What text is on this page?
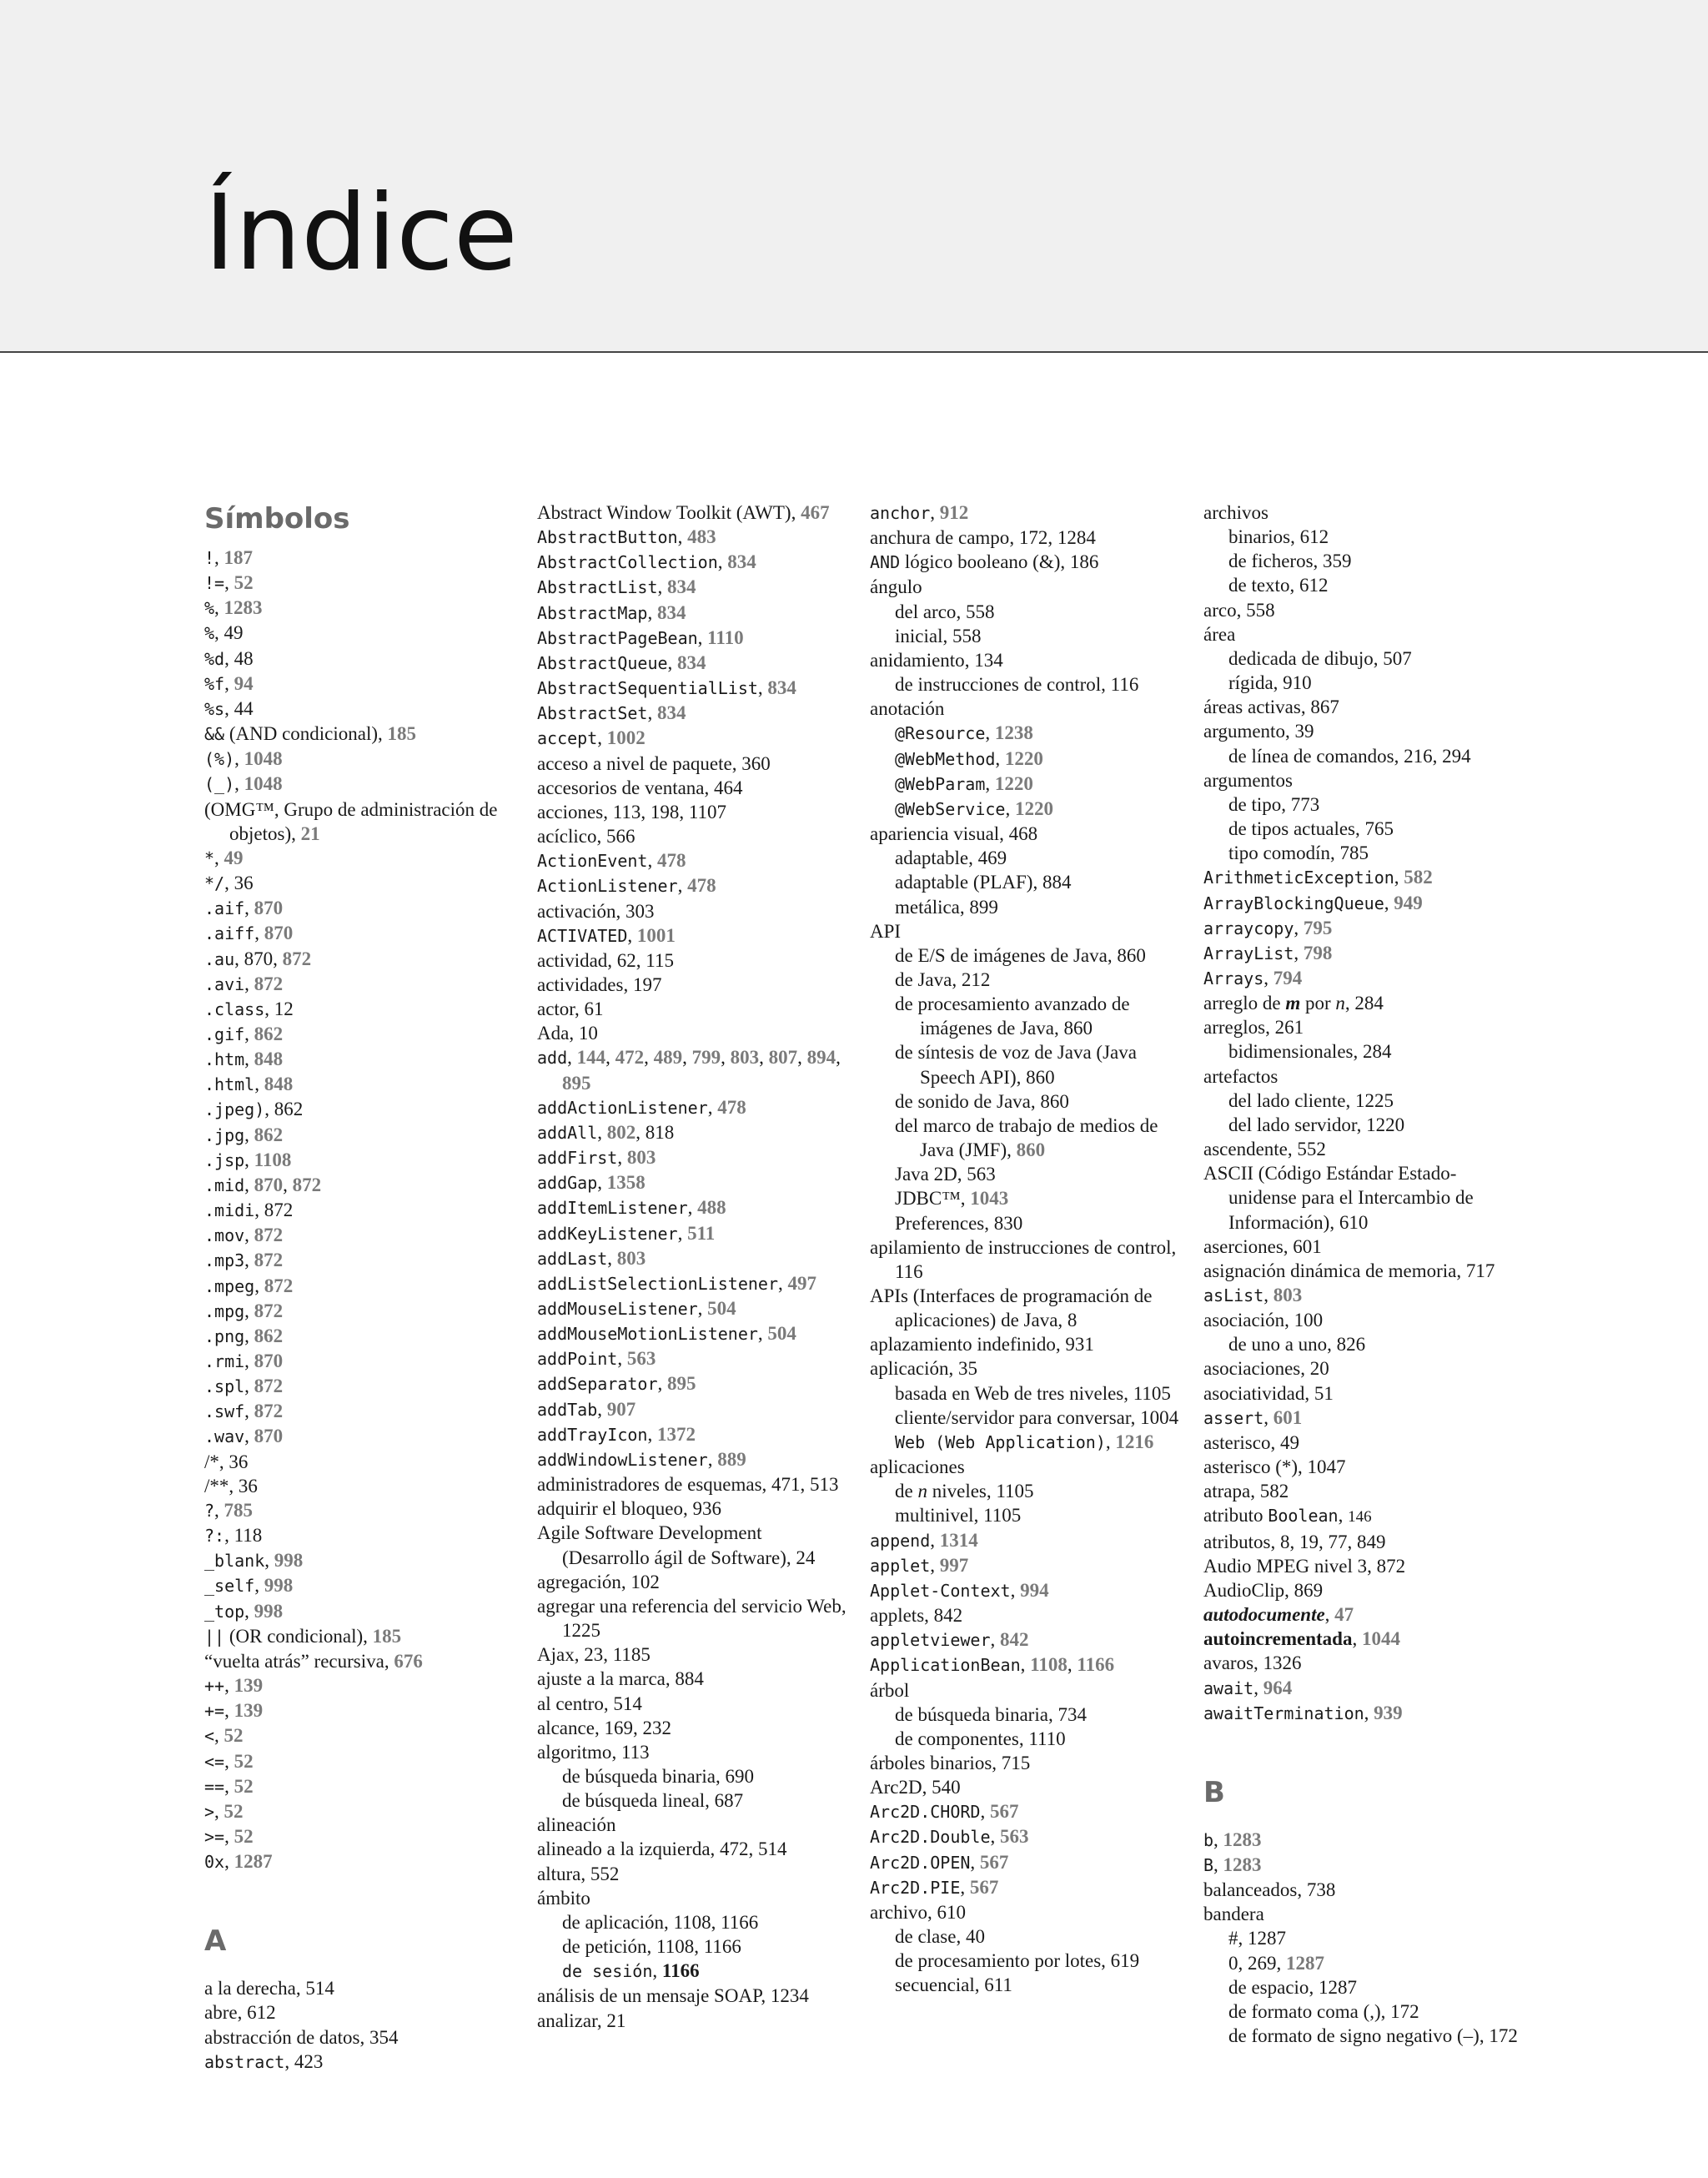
Índice
Símbolos
!, 187
!=, 52
%, 1283
%, 49
%d, 48
%f, 94
%s, 44
&& (AND condicional), 185
(%), 1048
(_), 1048
(OMG™, Grupo de administración de objetos), 21
*, 49
*/, 36
.aif, 870
.aiff, 870
.au, 870, 872
.avi, 872
.class, 12
.gif, 862
.htm, 848
.html, 848
.jpeg), 862
.jpg, 862
.jsp, 1108
.mid, 870, 872
.midi, 872
.mov, 872
.mp3, 872
.mpeg, 872
.mpg, 872
.png, 862
.rmi, 870
.spl, 872
.swf, 872
.wav, 870
/*, 36
/**, 36
?, 785
?:, 118
_blank, 998
_self, 998
_top, 998
|| (OR condicional), 185
“vuelta atrás” recursiva, 676
++, 139
+=, 139
<, 52
<=, 52
==, 52
>, 52
>=, 52
0x, 1287
A
a la derecha, 514
abre, 612
abstracción de datos, 354
abstract, 423
Abstract Window Toolkit (AWT), 467
AbstractButton, 483
AbstractCollection, 834
AbstractList, 834
AbstractMap, 834
AbstractPageBean, 1110
AbstractQueue, 834
AbstractSequentialList, 834
AbstractSet, 834
accept, 1002
acceso a nivel de paquete, 360
accesorios de ventana, 464
acciones, 113, 198, 1107
acíclico, 566
ActionEvent, 478
ActionListener, 478
activación, 303
ACTIVATED, 1001
actividad, 62, 115
actividades, 197
actor, 61
Ada, 10
add, 144, 472, 489, 799, 803, 807, 894, 895
addActionListener, 478
addAll, 802, 818
addFirst, 803
addGap, 1358
addItemListener, 488
addKeyListener, 511
addLast, 803
addListSelectionListener, 497
addMouseListener, 504
addMouseMotionListener, 504
addPoint, 563
addSeparator, 895
addTab, 907
addTrayIcon, 1372
addWindowListener, 889
administradores de esquemas, 471, 513
adquirir el bloqueo, 936
Agile Software Development (Desarrollo ágil de Software), 24
agregación, 102
agregar una referencia del servicio Web, 1225
Ajax, 23, 1185
ajuste a la marca, 884
al centro, 514
alcance, 169, 232
algoritmo, 113
de búsqueda binaria, 690
de búsqueda lineal, 687
alineación
alineado a la izquierda, 472, 514
altura, 552
ámbito
de aplicación, 1108, 1166
de petición, 1108, 1166
de sesión, 1166
análisis de un mensaje SOAP, 1234
analizar, 21
anchor, 912
anchura de campo, 172, 1284
AND lógico booleano (&), 186
ángulo
del arco, 558
inicial, 558
anidamiento, 134
de instrucciones de control, 116
anotación
@Resource, 1238
@WebMethod, 1220
@WebParam, 1220
@WebService, 1220
apariencia visual, 468
adaptable, 469
adaptable (PLAF), 884
metálica, 899
API
de E/S de imágenes de Java, 860
de Java, 212
de procesamiento avanzado de imágenes de Java, 860
de síntesis de voz de Java (Java Speech API), 860
de sonido de Java, 860
del marco de trabajo de medios de Java (JMF), 860
Java 2D, 563
JDBC™, 1043
Preferences, 830
apilamiento de instrucciones de control, 116
APIs (Interfaces de programación de aplicaciones) de Java, 8
aplazamiento indefinido, 931
aplicación, 35
basada en Web de tres niveles, 1105
cliente/servidor para conversar, 1004
Web (Web Application), 1216
aplicaciones
de n niveles, 1105
multinivel, 1105
append, 1314
applet, 997
Applet-Context, 994
applets, 842
appletviewer, 842
ApplicationBean, 1108, 1166
árbol
de búsqueda binaria, 734
de componentes, 1110
árboles binarios, 715
Arc2D, 540
Arc2D.CHORD, 567
Arc2D.Double, 563
Arc2D.OPEN, 567
Arc2D.PIE, 567
archivo, 610
de clase, 40
de procesamiento por lotes, 619
secuencial, 611
archivos
binarios, 612
de ficheros, 359
de texto, 612
arco, 558
área
dedicada de dibujo, 507
rígida, 910
áreas activas, 867
argumento, 39
de línea de comandos, 216, 294
argumentos
de tipo, 773
de tipos actuales, 765
tipo comodín, 785
ArithmeticException, 582
ArrayBlockingQueue, 949
arraycopy, 795
ArrayList, 798
Arrays, 794
arreglo de m por n, 284
arreglos, 261
bidimensionales, 284
artefactos
del lado cliente, 1225
del lado servidor, 1220
ascendente, 552
ASCII (Código Estándar Estado-unidense para el Intercambio de Información), 610
aserciones, 601
asignación dinámica de memoria, 717
asList, 803
asociación, 100
de uno a uno, 826
asociaciones, 20
asociatividad, 51
assert, 601
asterisco, 49
asterisco (*), 1047
atrapa, 582
atributo Boolean, 146
atributos, 8, 19, 77, 849
Audio MPEG nivel 3, 872
AudioClip, 869
autodocumente, 47
autoincrementada, 1044
avaros, 1326
await, 964
awaitTermination, 939
B
b, 1283
B, 1283
balanceados, 738
bandera
#, 1287
0, 269, 1287
de espacio, 1287
de formato coma (,), 172
de formato de signo negativo (–), 172
